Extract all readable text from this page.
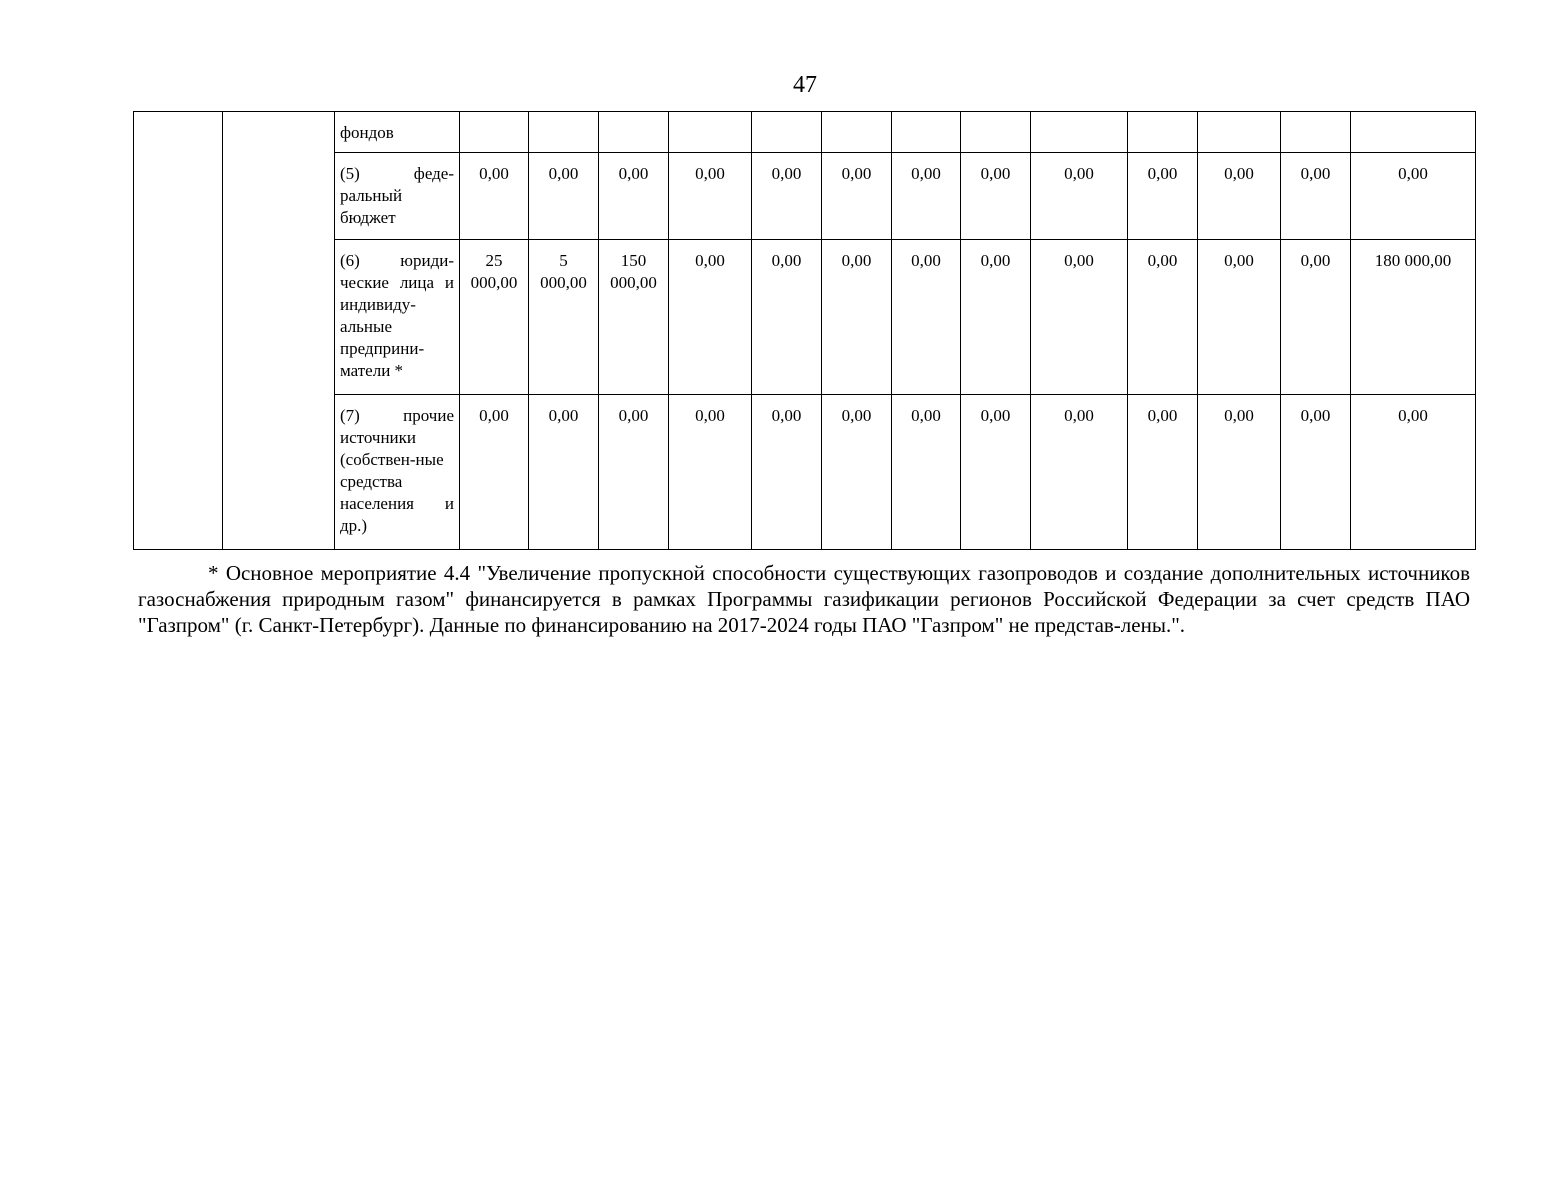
47
		фондов													
		(5) феде-ральный бюджет	0,00	0,00	0,00	0,00	0,00	0,00	0,00	0,00	0,00	0,00	0,00	0,00	0,00
		(6) юриди-ческие лица и индивиду-альные предприни-матели *	25 000,00	5 000,00	150 000,00	0,00	0,00	0,00	0,00	0,00	0,00	0,00	0,00	0,00	180 000,00
		(7) прочие источники (собствен-ные средства населения и др.)	0,00	0,00	0,00	0,00	0,00	0,00	0,00	0,00	0,00	0,00	0,00	0,00	0,00
* Основное мероприятие 4.4 "Увеличение пропускной способности существующих газопроводов и создание дополнительных источников газоснабжения природным газом" финансируется в рамках Программы газификации регионов Российской Федерации за счет средств ПАО "Газпром" (г. Санкт-Петербург). Данные по финансированию на 2017-2024 годы ПАО "Газпром" не представ-лены.".
